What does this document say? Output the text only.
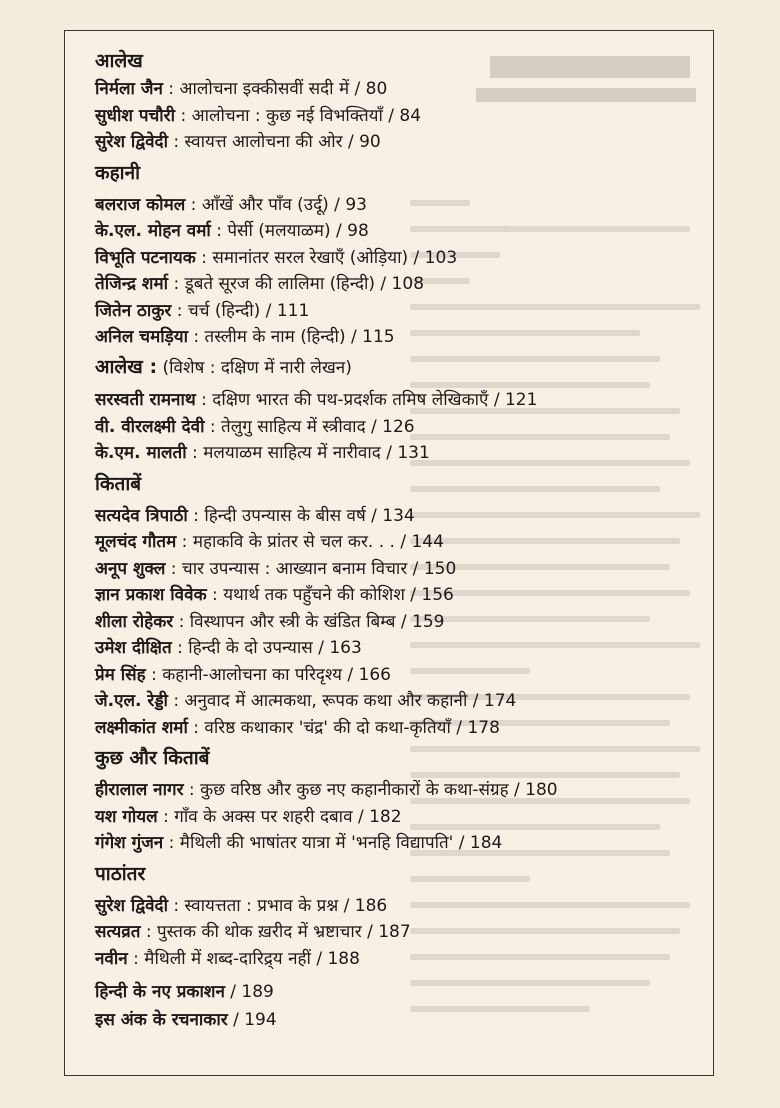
आलेख
निर्मला जैन : आलोचना इक्कीसवीं सदी में / 80
सुधीश पचौरी : आलोचना : कुछ नई विभक्तियाँ / 84
सुरेश द्विवेदी : स्वायत्त आलोचना की ओर / 90
कहानी
बलराज कोमल : आँखें और पाँव (उर्दू) / 93
के.एल. मोहन वर्मा : पेर्सी (मलयाळम) / 98
विभूति पटनायक : समानांतर सरल रेखाएँ (ओड़िया) / 103
तेजिन्द्र शर्मा : डूबते सूरज की लालिमा (हिन्दी) / 108
जितेन ठाकुर : चर्च (हिन्दी) / 111
अनिल चमड़िया : तस्लीम के नाम (हिन्दी) / 115
आलेख : (विशेष : दक्षिण में नारी लेखन)
सरस्वती रामनाथ : दक्षिण भारत की पथ-प्रदर्शक तमिष लेखिकाएँ / 121
वी. वीरलक्ष्मी देवी : तेलुगु साहित्य में स्त्रीवाद / 126
के.एम. मालती : मलयाळम साहित्य में नारीवाद / 131
किताबें
सत्यदेव त्रिपाठी : हिन्दी उपन्यास के बीस वर्ष / 134
मूलचंद गौतम : महाकवि के प्रांतर से चल कर. . . / 144
अनूप शुक्ल : चार उपन्यास : आख्यान बनाम विचार / 150
ज्ञान प्रकाश विवेक : यथार्थ तक पहुँचने की कोशिश / 156
शीला रोहेकर : विस्थापन और स्त्री के खंडित बिम्ब / 159
उमेश दीक्षित : हिन्दी के दो उपन्यास / 163
प्रेम सिंह : कहानी-आलोचना का परिदृश्य / 166
जे.एल. रेड्डी : अनुवाद में आत्मकथा, रूपक कथा और कहानी / 174
लक्ष्मीकांत शर्मा : वरिष्ठ कथाकार 'चंद्र' की दो कथा-कृतियाँ / 178
कुछ और किताबें
हीरालाल नागर : कुछ वरिष्ठ और कुछ नए कहानीकारों के कथा-संग्रह / 180
यश गोयल : गाँव के अक्स पर शहरी दबाव / 182
गंगेश गुंजन : मैथिली की भाषांतर यात्रा में 'भनहि विद्यापति' / 184
पाठांतर
सुरेश द्विवेदी : स्वायत्तता : प्रभाव के प्रश्न / 186
सत्यव्रत : पुस्तक की थोक ख़रीद में भ्रष्टाचार / 187
नवीन : मैथिली में शब्द-दारिद्र्य नहीं / 188
हिन्दी के नए प्रकाशन / 189
इस अंक के रचनाकार / 194
